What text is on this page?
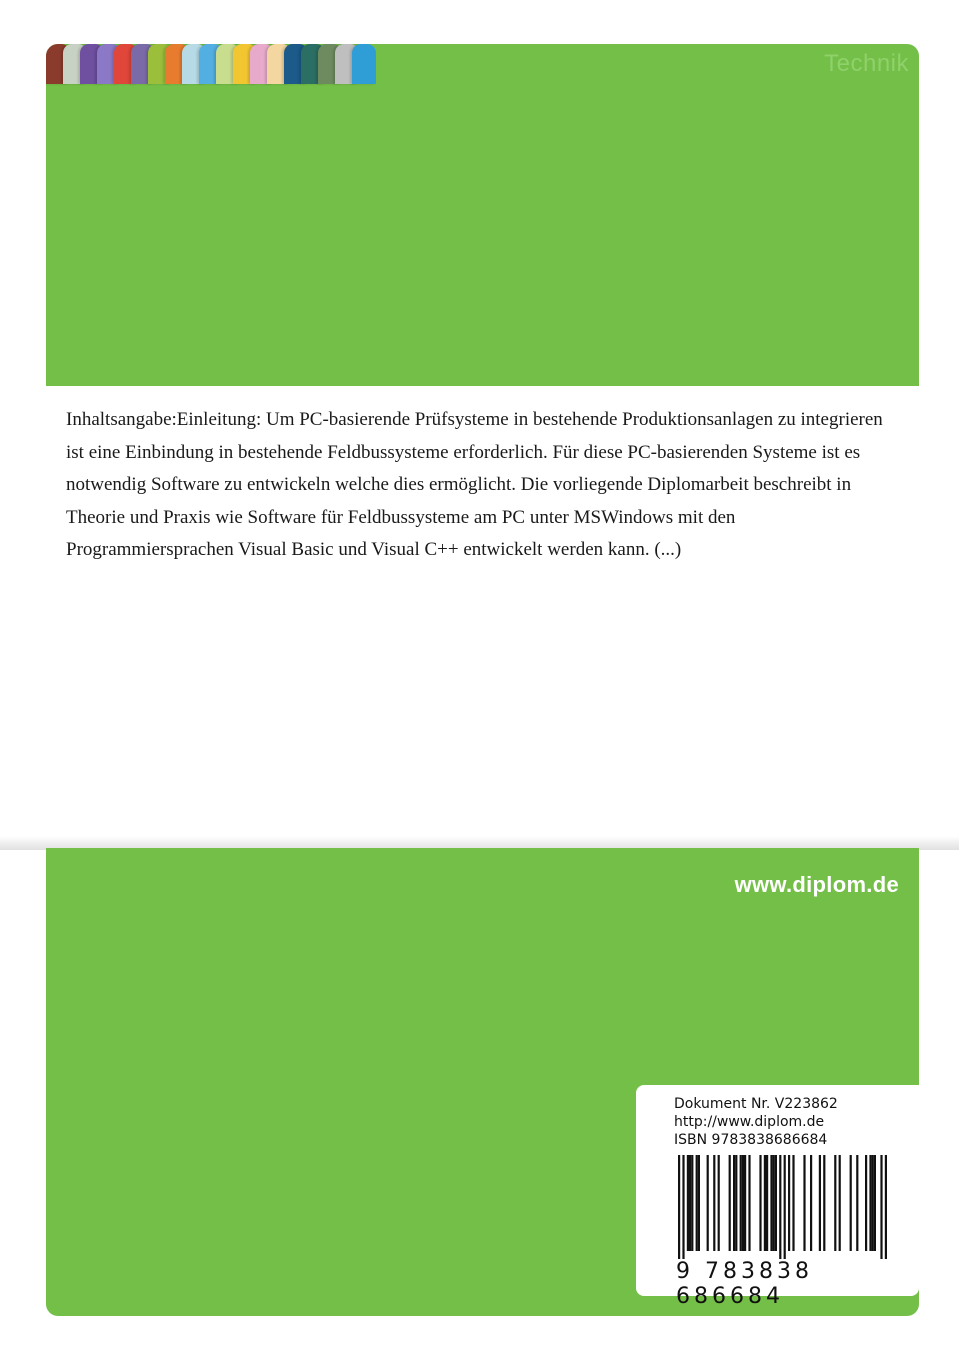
Technik

Inhaltsangabe:Einleitung: Um PC-basierende Prüfsysteme in bestehende Produktionsanlagen zu integrieren ist eine Einbindung in bestehende Feldbussysteme erforderlich. Für diese PC-basierenden Systeme ist es notwendig Software zu entwickeln welche dies ermöglicht. Die vorliegende Diplomarbeit beschreibt in Theorie und Praxis wie Software für Feldbussysteme am PC unter MSWindows mit den Programmiersprachen Visual Basic und Visual C++ entwickelt werden kann. (...)

www.diplom.de
Dokument Nr. V223862
http://www.diplom.de
ISBN 9783838686684
9 783838 686684
